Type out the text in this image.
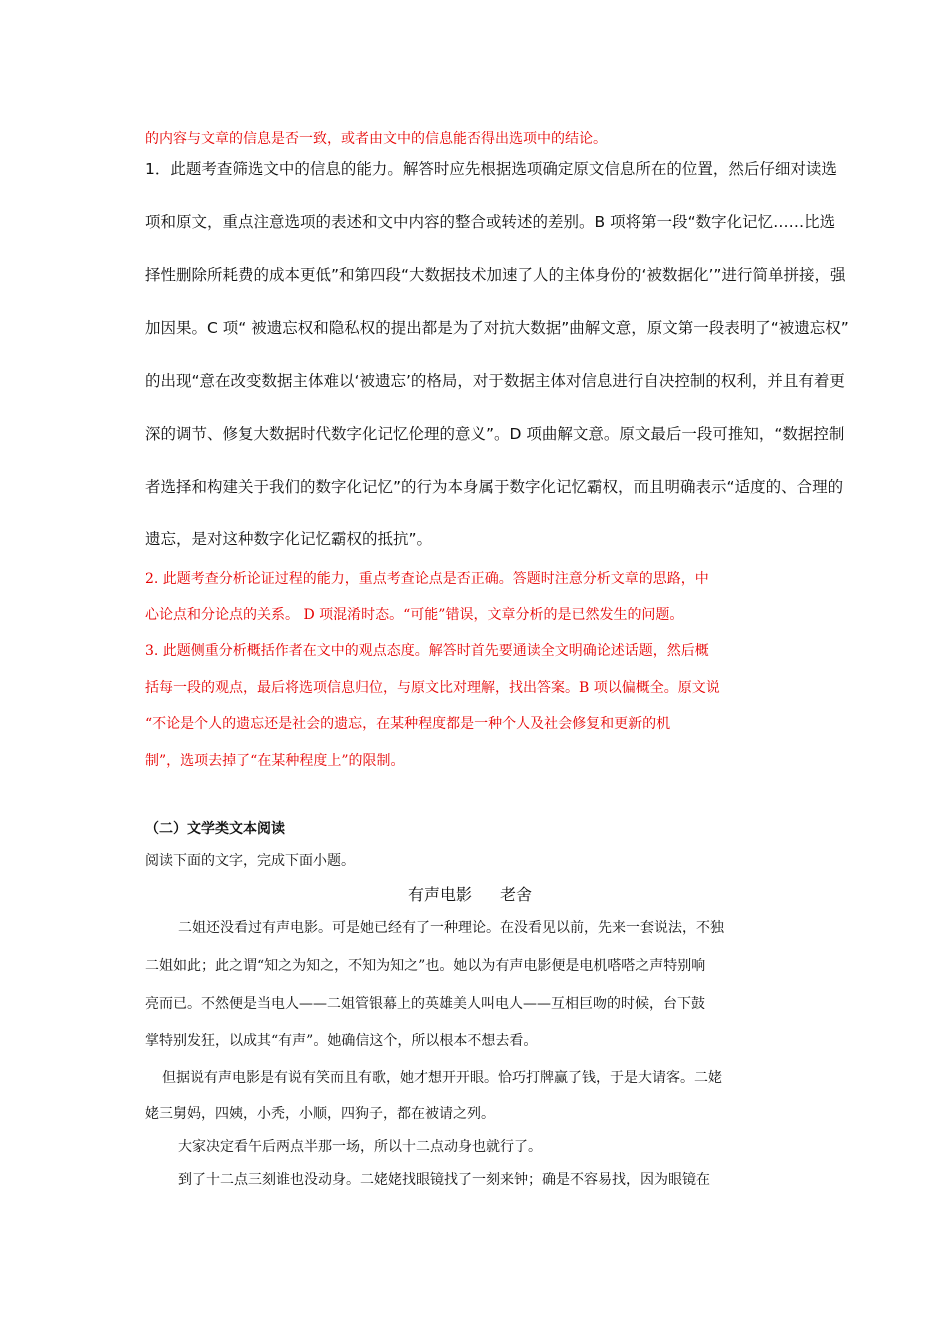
的内容与文章的信息是否一致，或者由文中的信息能否得出选项中的结论。
1．此题考查筛选文中的信息的能力。解答时应先根据选项确定原文信息所在的位置，然后仔细对读选
项和原文，重点注意选项的表述和文中内容的整合或转述的差别。B 项将第一段“数字化记忆……比选
择性删除所耗费的成本更低”和第四段“大数据技术加速了人的主体身份的‘被数据化’”进行简单拼接，强
加因果。C 项“ 被遗忘权和隐私权的提出都是为了对抗大数据”曲解文意，原文第一段表明了“被遗忘权”
的出现“意在改变数据主体难以‘被遗忘’的格局，对于数据主体对信息进行自决控制的权利，并且有着更
深的调节、修复大数据时代数字化记忆伦理的意义”。D 项曲解文意。原文最后一段可推知，“数据控制
者选择和构建关于我们的数字化记忆”的行为本身属于数字化记忆霸权，而且明确表示“适度的、合理的
遗忘，是对这种数字化记忆霸权的抵抗”。
2. 此题考查分析论证过程的能力，重点考查论点是否正确。答题时注意分析文章的思路，中
心论点和分论点的关系。 D 项混淆时态。“可能”错误，文章分析的是已然发生的问题。
3. 此题侧重分析概括作者在文中的观点态度。解答时首先要通读全文明确论述话题，然后概
括每一段的观点，最后将选项信息归位，与原文比对理解，找出答案。B 项以偏概全。原文说
“不论是个人的遗忘还是社会的遗忘，在某种程度都是一种个人及社会修复和更新的机
制”，选项去掉了“在某种程度上”的限制。
（二）文学类文本阅读
阅读下面的文字，完成下面小题。
有声电影 老舍
二姐还没看过有声电影。可是她已经有了一种理论。在没看见以前，先来一套说法，不独
二姐如此；此之谓“知之为知之，不知为知之”也。她以为有声电影便是电机嗒嗒之声特别响
亮而已。不然便是当电人——二姐管银幕上的英雄美人叫电人——互相巨吻的时候，台下鼓
掌特别发狂，以成其“有声”。她确信这个，所以根本不想去看。
但据说有声电影是有说有笑而且有歌，她才想开开眼。恰巧打牌赢了钱，于是大请客。二姥
姥三舅妈，四姨，小秃，小顺，四狗子，都在被请之列。
大家决定看午后两点半那一场，所以十二点动身也就行了。
到了十二点三刻谁也没动身。二姥姥找眼镜找了一刻来钟；确是不容易找，因为眼镜在
